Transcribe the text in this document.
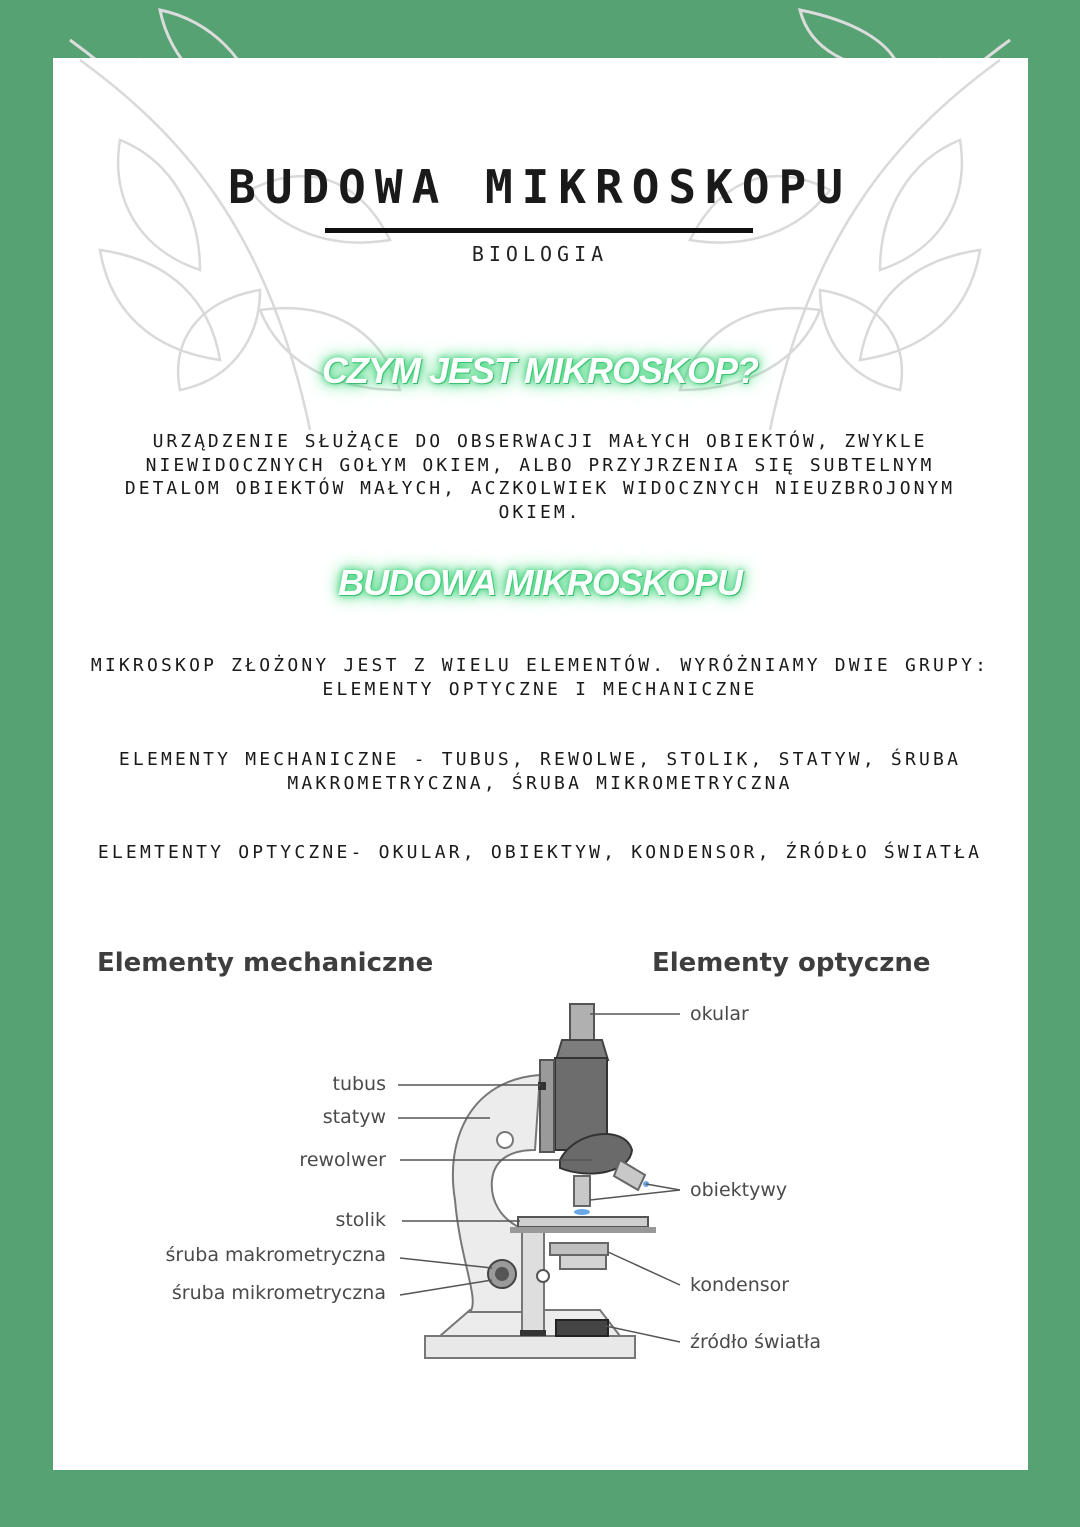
BUDOWA MIKROSKOPU
BIOLOGIA
CZYM JEST MIKROSKOP?
URZĄDZENIE SŁUŻĄCE DO OBSERWACJI MAŁYCH OBIEKTÓW, ZWYKLE
NIEWIDOCZNYCH GOŁYM OKIEM, ALBO PRZYJRZENIA SIĘ SUBTELNYM
DETALOM OBIEKTÓW MAŁYCH, ACZKOLWIEK WIDOCZNYCH NIEUZBROJONYM
OKIEM.
BUDOWA MIKROSKOPU
MIKROSKOP ZŁOŻONY JEST Z WIELU ELEMENTÓW. WYRÓŻNIAMY DWIE GRUPY:
ELEMENTY OPTYCZNE I MECHANICZNE
ELEMENTY MECHANICZNE - TUBUS, REWOLWE, STOLIK, STATYW, ŚRUBA
MAKROMETRYCZNA, ŚRUBA MIKROMETRYCZNA
ELEMTENTY OPTYCZNE- OKULAR, OBIEKTYW, KONDENSOR, ŹRÓDŁO ŚWIATŁA
Elementy mechaniczne	Elementy optyczne
tubus
statyw
rewolwer
stolik
śruba makrometryczna
śruba mikrometryczna
okular
obiektywy
kondensor
źródło światła
